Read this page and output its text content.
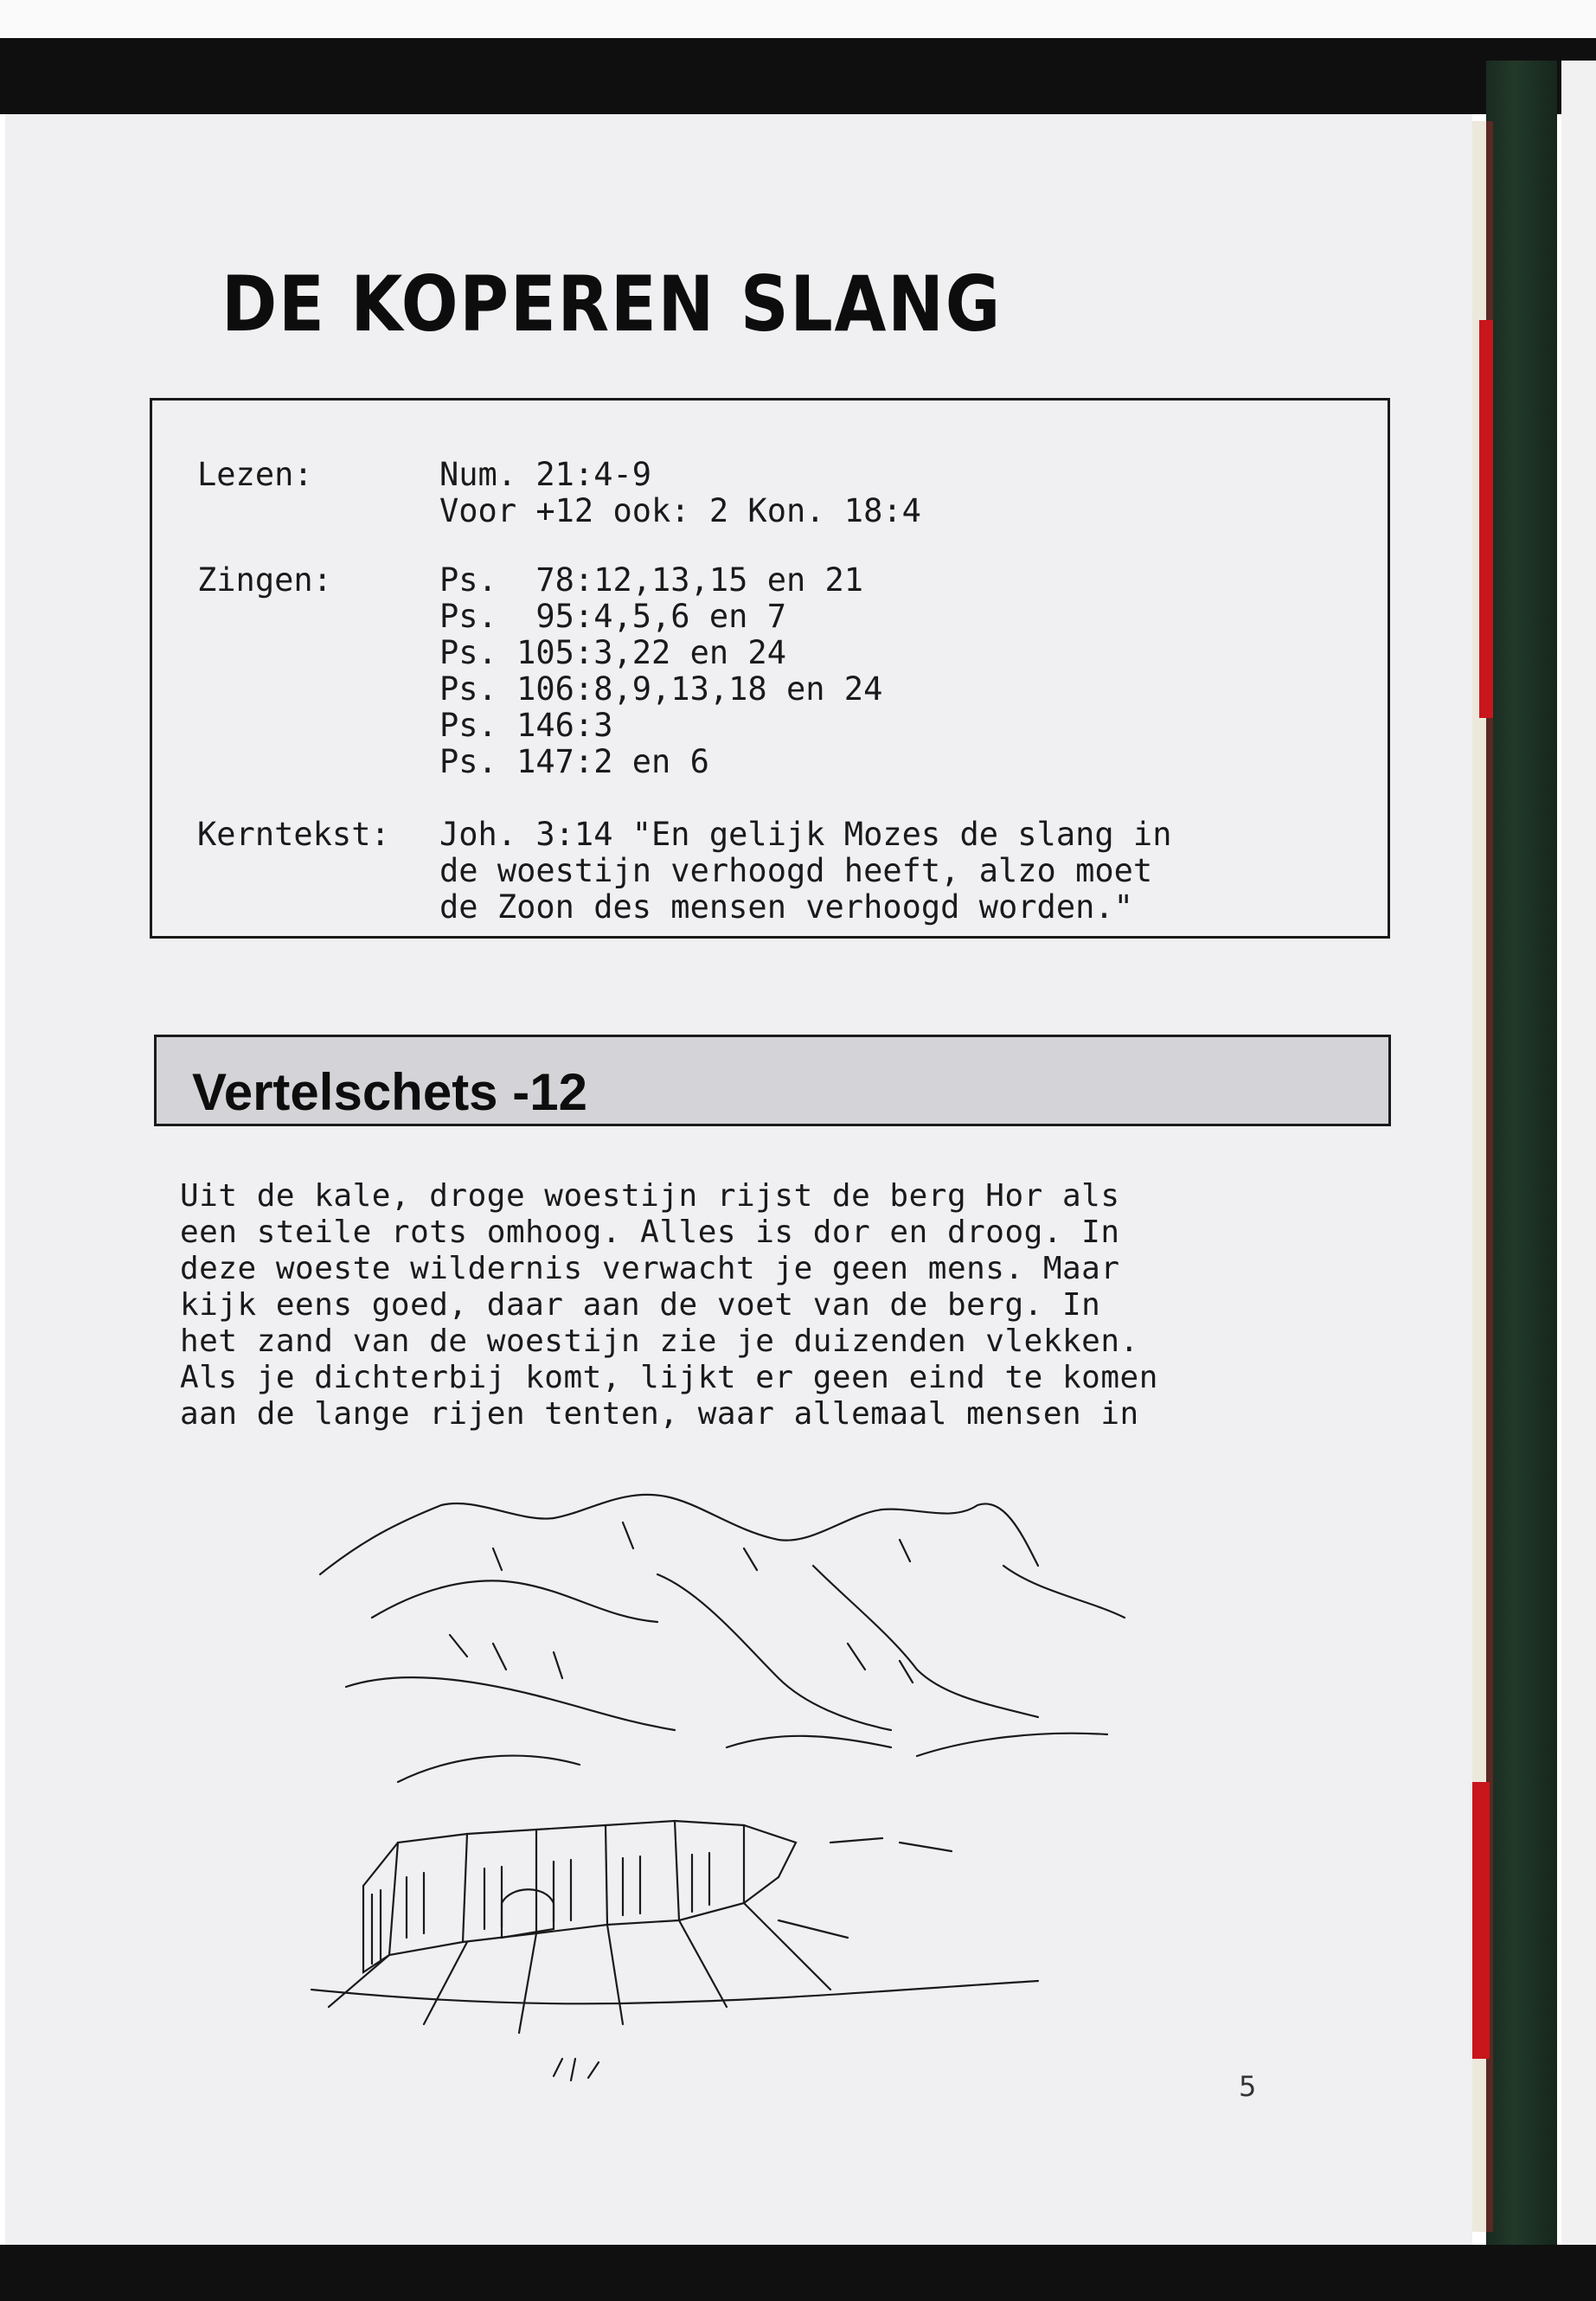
DE KOPEREN SLANG
Lezen:	Num. 21:4-9
Voor +12 ook: 2 Kon. 18:4
Zingen:	Ps.  78:12,13,15 en 21
Ps.  95:4,5,6 en 7
Ps. 105:3,22 en 24
Ps. 106:8,9,13,18 en 24
Ps. 146:3
Ps. 147:2 en 6
Kerntekst: Joh. 3:14 "En gelijk Mozes de slang in
de woestijn verhoogd heeft, alzo moet
de Zoon des mensen verhoogd worden."
Vertelschets -12
Uit de kale, droge woestijn rijst de berg Hor als
een steile rots omhoog. Alles is dor en droog. In
deze woeste wildernis verwacht je geen mens. Maar
kijk eens goed, daar aan de voet van de berg. In
het zand van de woestijn zie je duizenden vlekken.
Als je dichterbij komt, lijkt er geen eind te komen
aan de lange rijen tenten, waar allemaal mensen in
5
